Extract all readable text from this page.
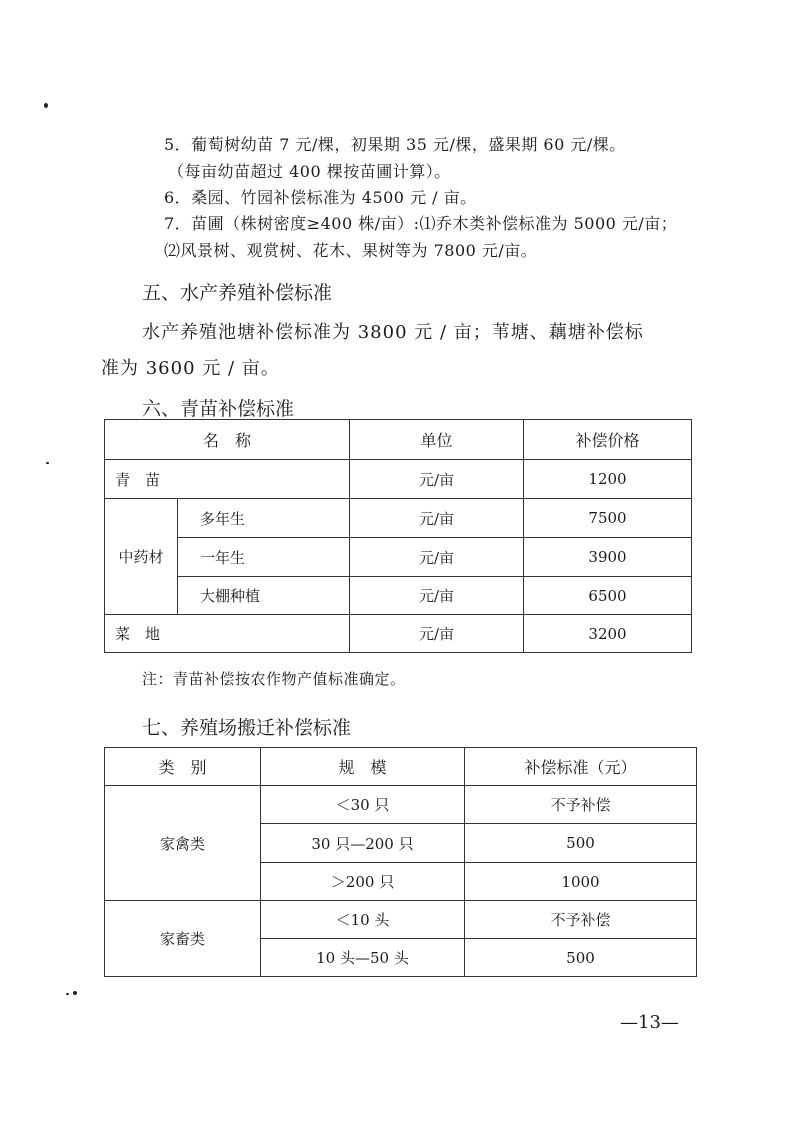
5．葡萄树幼苗 7 元/棵，初果期 35 元/棵，盛果期 60 元/棵。
（每亩幼苗超过 400 棵按苗圃计算）。
6．桑园、竹园补偿标准为 4500 元 / 亩。
7．苗圃（株树密度≥400 株/亩）:⑴乔木类补偿标准为 5000 元/亩；
⑵风景树、观赏树、花木、果树等为 7800 元/亩。
五、水产养殖补偿标准
水产养殖池塘补偿标准为 3800 元 / 亩；苇塘、藕塘补偿标
准为 3600 元 / 亩。
六、青苗补偿标准
名　称		单位	补偿价格
青　苗		元/亩	1200
中药材	多年生	元/亩	7500
	一年生	元/亩	3900
	大棚种植	元/亩	6500
菜　地		元/亩	3200
注：青苗补偿按农作物产值标准确定。
七、养殖场搬迁补偿标准
类　别	规　模	补偿标准（元）
家禽类	＜30 只	不予补偿
	30 只—200 只	500
	＞200 只	1000
家畜类	＜10 头	不予补偿
	10 头—50 头	500
—13—
